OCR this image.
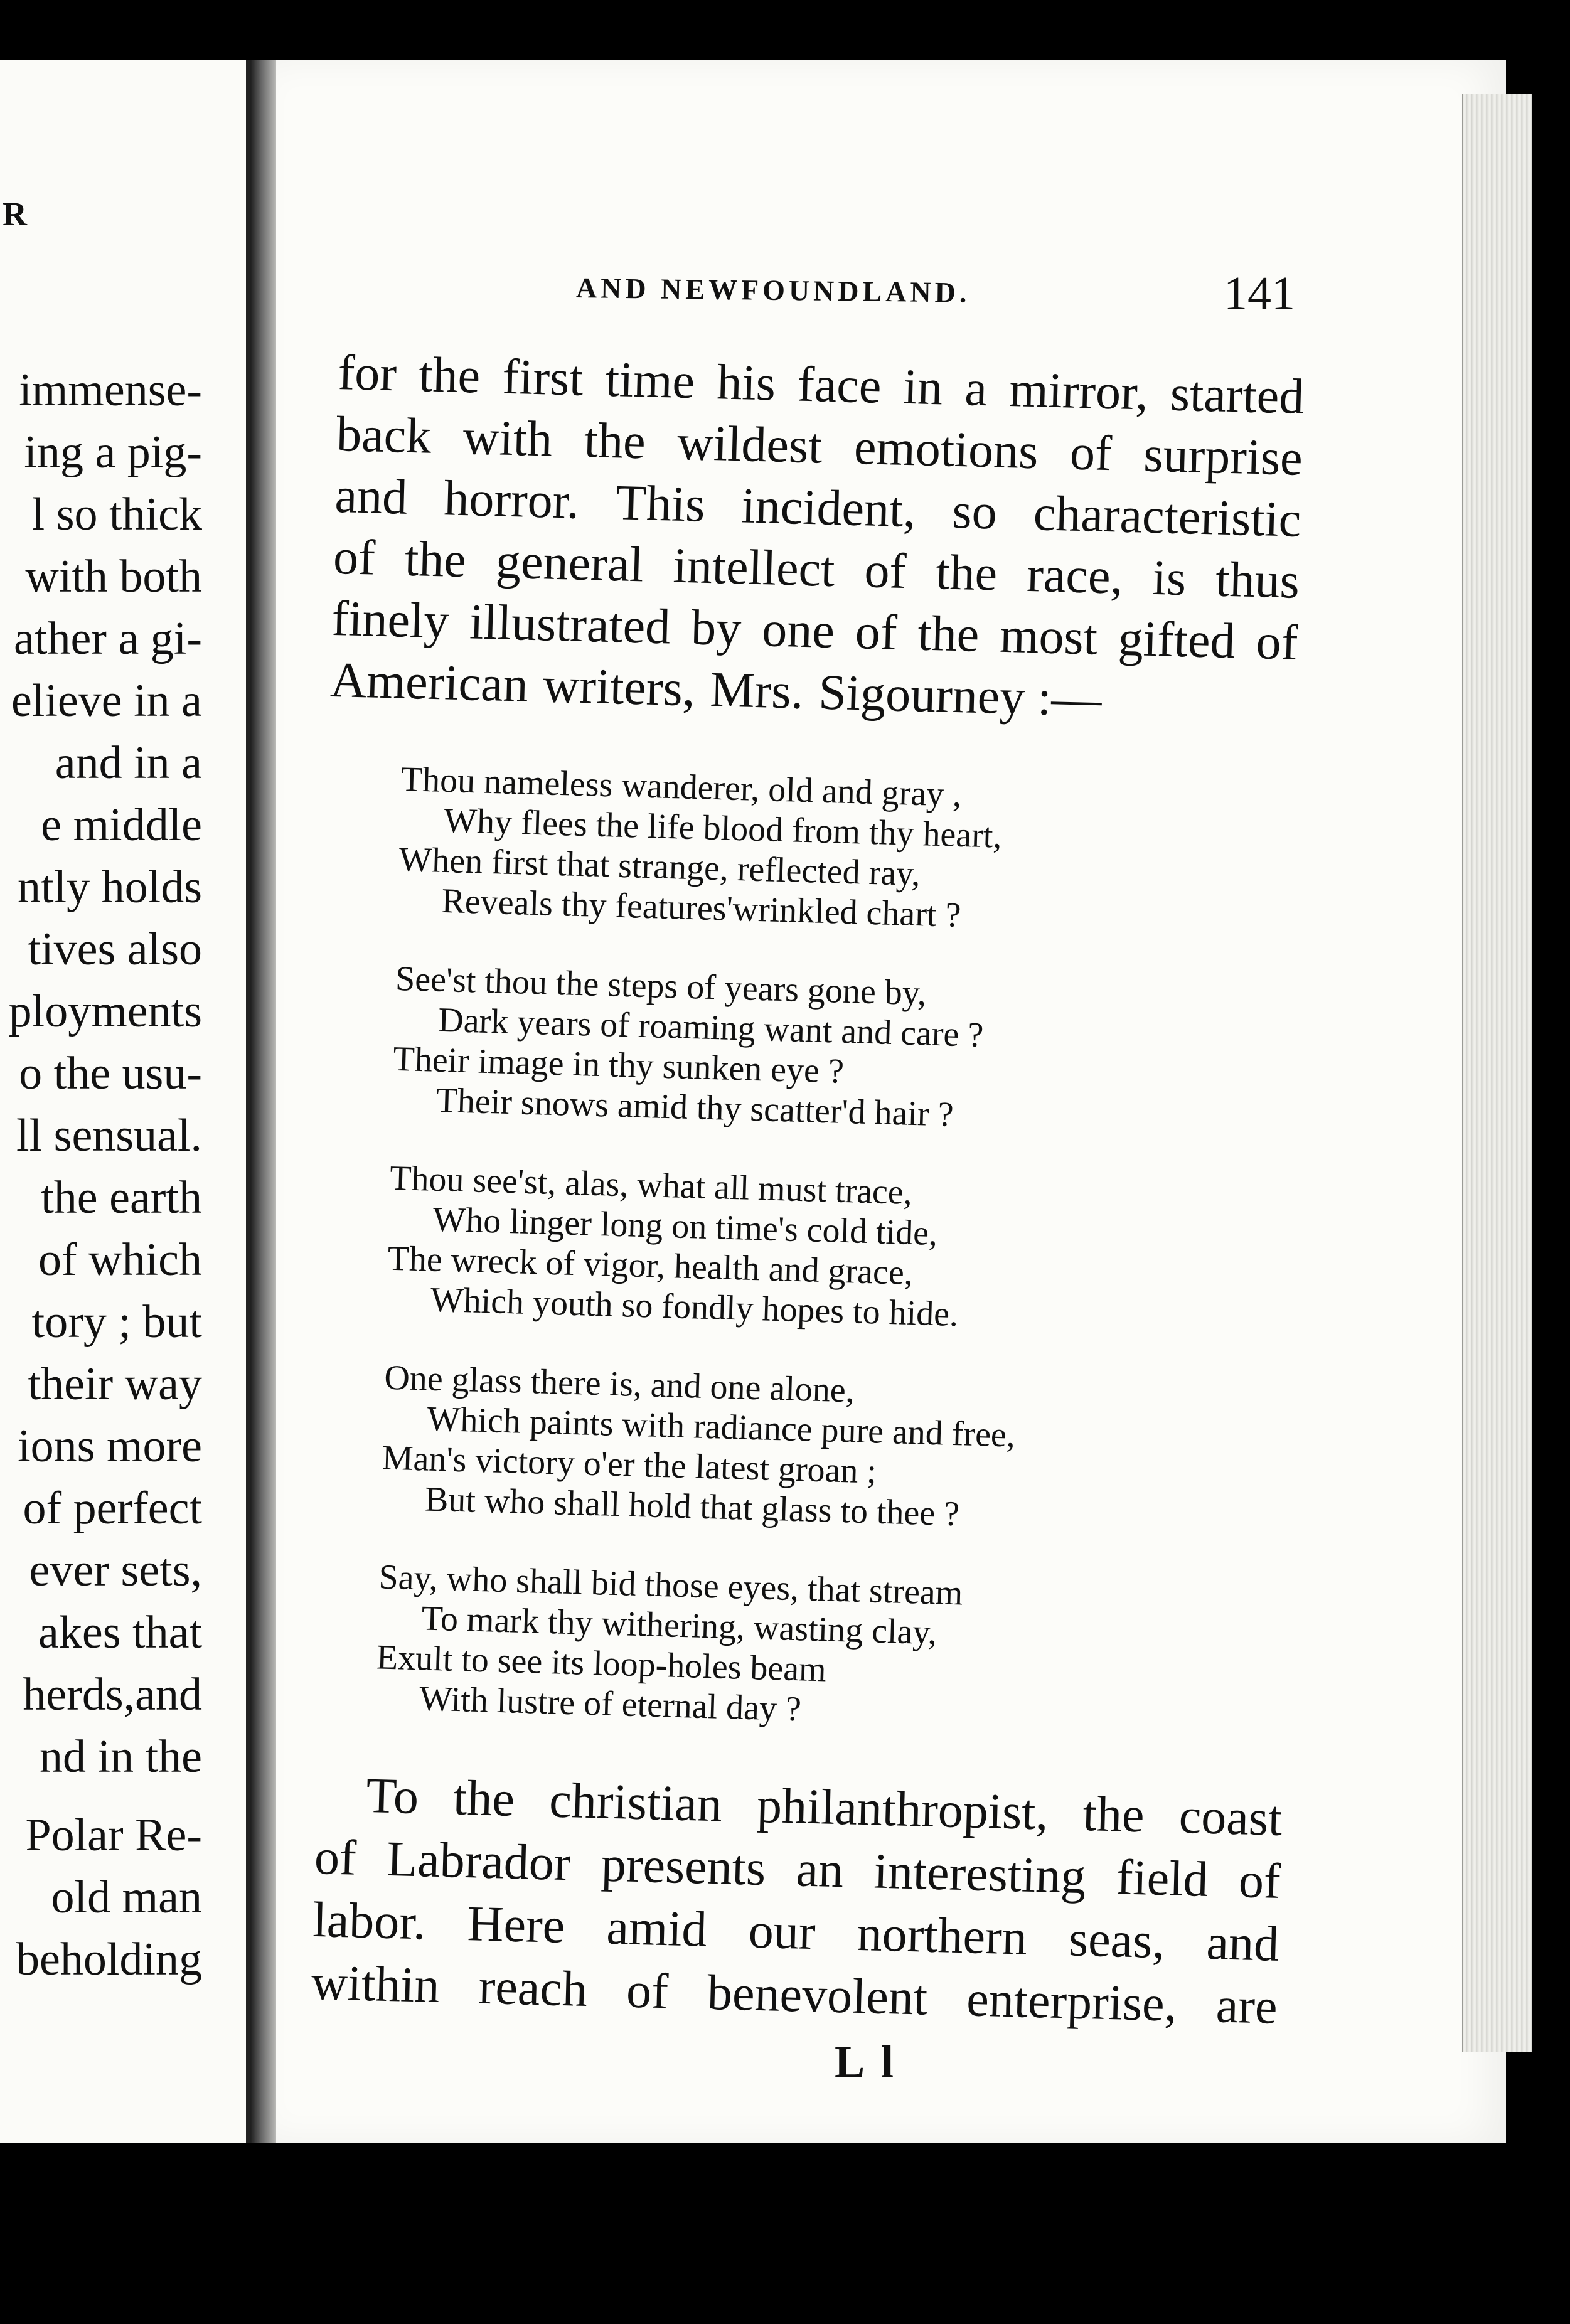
R
immense-
ing a pig-
l so thick
with both
ather a gi-
elieve in a
and in a
e middle
ntly holds
tives also
ployments
o the usu-
ll sensual.
the earth
of which
tory ; but
their way
ions more
of perfect
ever sets,
akes that
herds,and
nd in the
Polar Re-
old man
beholding
AND NEWFOUNDLAND.	141
for the first time his face in a mirror, started
back with the wildest emotions of surprise
and horror. This incident, so characteristic
of the general intellect of the race, is thus
finely illustrated by one of the most gifted of
American writers, Mrs. Sigourney :—
Thou nameless wanderer, old and gray ,
Why flees the life blood from thy heart,
When first that strange, reflected ray,
Reveals thy features'wrinkled chart ?
See'st thou the steps of years gone by,
Dark years of roaming want and care ?
Their image in thy sunken eye ?
Their snows amid thy scatter'd hair ?
Thou see'st, alas, what all must trace,
Who linger long on time's cold tide,
The wreck of vigor, health and grace,
Which youth so fondly hopes to hide.
One glass there is, and one alone,
Which paints with radiance pure and free,
Man's victory o'er the latest groan ;
But who shall hold that glass to thee ?
Say, who shall bid those eyes, that stream
To mark thy withering, wasting clay,
Exult to see its loop-holes beam
With lustre of eternal day ?
To the christian philanthropist, the coast
of Labrador presents an interesting field of
labor. Here amid our northern seas, and
within reach of benevolent enterprise, are
L l
